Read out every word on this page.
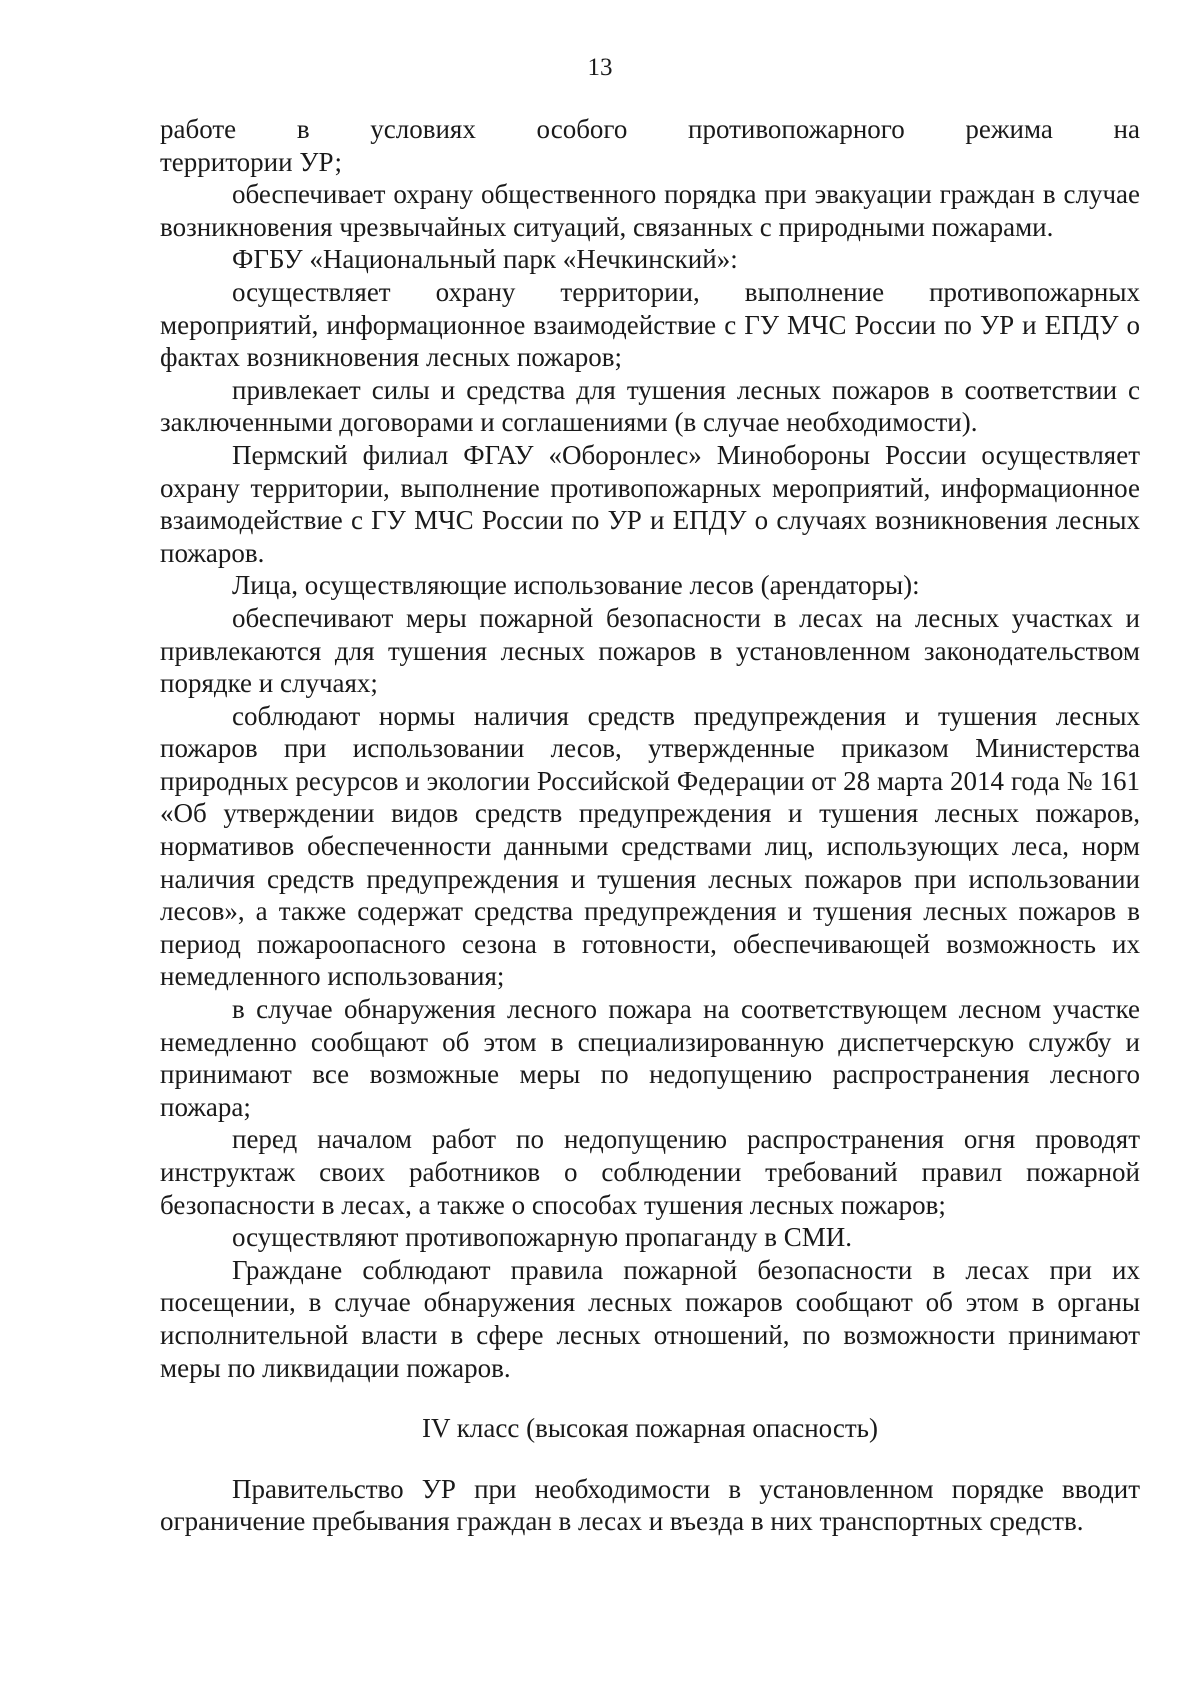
13
работе в условиях особого противопожарного режима на
территории УР;
обеспечивает охрану общественного порядка при эвакуации граждан в случае возникновения чрезвычайных ситуаций, связанных с природными пожарами.
ФГБУ «Национальный парк «Нечкинский»:
осуществляет охрану территории, выполнение противопожарных мероприятий, информационное взаимодействие с ГУ МЧС России по УР и ЕПДУ о фактах возникновения лесных пожаров;
привлекает силы и средства для тушения лесных пожаров в соответствии с заключенными договорами и соглашениями (в случае необходимости).
Пермский филиал ФГАУ «Оборонлес» Минобороны России осуществляет охрану территории, выполнение противопожарных мероприятий, информационное взаимодействие с ГУ МЧС России по УР и ЕПДУ о случаях возникновения лесных пожаров.
Лица, осуществляющие использование лесов (арендаторы):
обеспечивают меры пожарной безопасности в лесах на лесных участках и привлекаются для тушения лесных пожаров в установленном законодательством порядке и случаях;
соблюдают нормы наличия средств предупреждения и тушения лесных пожаров при использовании лесов, утвержденные приказом Министерства природных ресурсов и экологии Российской Федерации от 28 марта 2014 года № 161 «Об утверждении видов средств предупреждения и тушения лесных пожаров, нормативов обеспеченности данными средствами лиц, использующих леса, норм наличия средств предупреждения и тушения лесных пожаров при использовании лесов», а также содержат средства предупреждения и тушения лесных пожаров в период пожароопасного сезона в готовности, обеспечивающей возможность их немедленного использования;
в случае обнаружения лесного пожара на соответствующем лесном участке немедленно сообщают об этом в специализированную диспетчерскую службу и принимают все возможные меры по недопущению распространения лесного пожара;
перед началом работ по недопущению распространения огня проводят инструктаж своих работников о соблюдении требований правил пожарной безопасности в лесах, а также о способах тушения лесных пожаров;
осуществляют противопожарную пропаганду в СМИ.
Граждане соблюдают правила пожарной безопасности в лесах при их посещении, в случае обнаружения лесных пожаров сообщают об этом в органы исполнительной власти в сфере лесных отношений, по возможности принимают меры по ликвидации пожаров.
IV класс (высокая пожарная опасность)
Правительство УР при необходимости в установленном порядке вводит ограничение пребывания граждан в лесах и въезда в них транспортных средств.
